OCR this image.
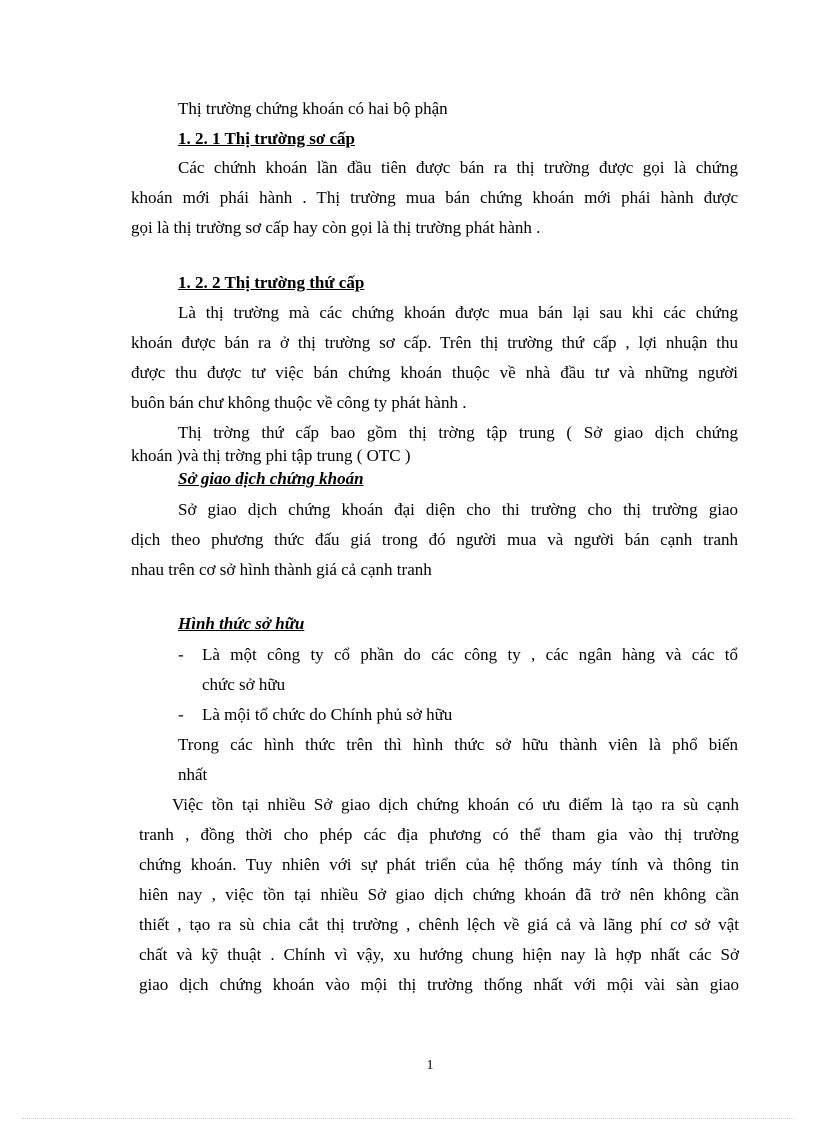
Thị trường chứng khoán có hai bộ phận
1. 2. 1 Thị trường sơ cấp
Các chứnh khoán lần đầu tiên được bán ra thị trường được gọi là chứng
khoán mới phái hành . Thị trường mua bán chứng khoán mới phái hành được
gọi là thị trường sơ cấp hay còn gọi là thị trường phát hành .
1. 2. 2 Thị trường thứ cấp
Là thị trường mà các chứng khoán được mua bán lại sau khi các chứng
khoán được bán ra ở thị trường sơ cấp. Trên thị trường thứ cấp , lợi nhuận thu
được thu được tư việc bán chứng khoán thuộc về nhà đầu tư và những người
buôn bán chư không thuộc về công ty phát hành .
Thị trờng thứ cấp bao gồm thị trờng tập trung ( Sở giao dịch chứng
khoán )và thị trờng phi tập trung ( OTC )
Sở giao dịch chứng khoán
Sở giao dịch chứng khoán đại diện cho thi trường cho thị trường giao
dịch theo phương thức đấu giá trong đó người mua và người bán cạnh tranh
nhau trên cơ sở hình thành giá cả cạnh tranh
Hình thức sở hữu
- Là một công ty cổ phần do các công ty , các ngân hàng và các tổ
chức sở hữu
- Là mội tổ chức do Chính phủ sở hữu
Trong các hình thức trên thì hình thức sở hữu thành viên là phổ biến
nhất
Việc tồn tại nhiều Sở giao dịch chứng khoán có ưu điểm là tạo ra sù cạnh
tranh , đồng thời cho phép các địa phương có thể tham gia vào thị trường
chứng khoán. Tuy nhiên với sự phát triển của hệ thống máy tính và thông tin
hiên nay , việc tồn tại nhiều Sở giao dịch chứng khoán đã trở nên không cần
thiết , tạo ra sù chia cắt thị trường , chênh lệch về giá cả và lãng phí cơ sở vật
chất và kỹ thuật . Chính vì vậy, xu hướng chung hiện nay là hợp nhất các Sở
giao dịch chứng khoán vào mội thị trường thống nhất với mội vài sàn giao
1
